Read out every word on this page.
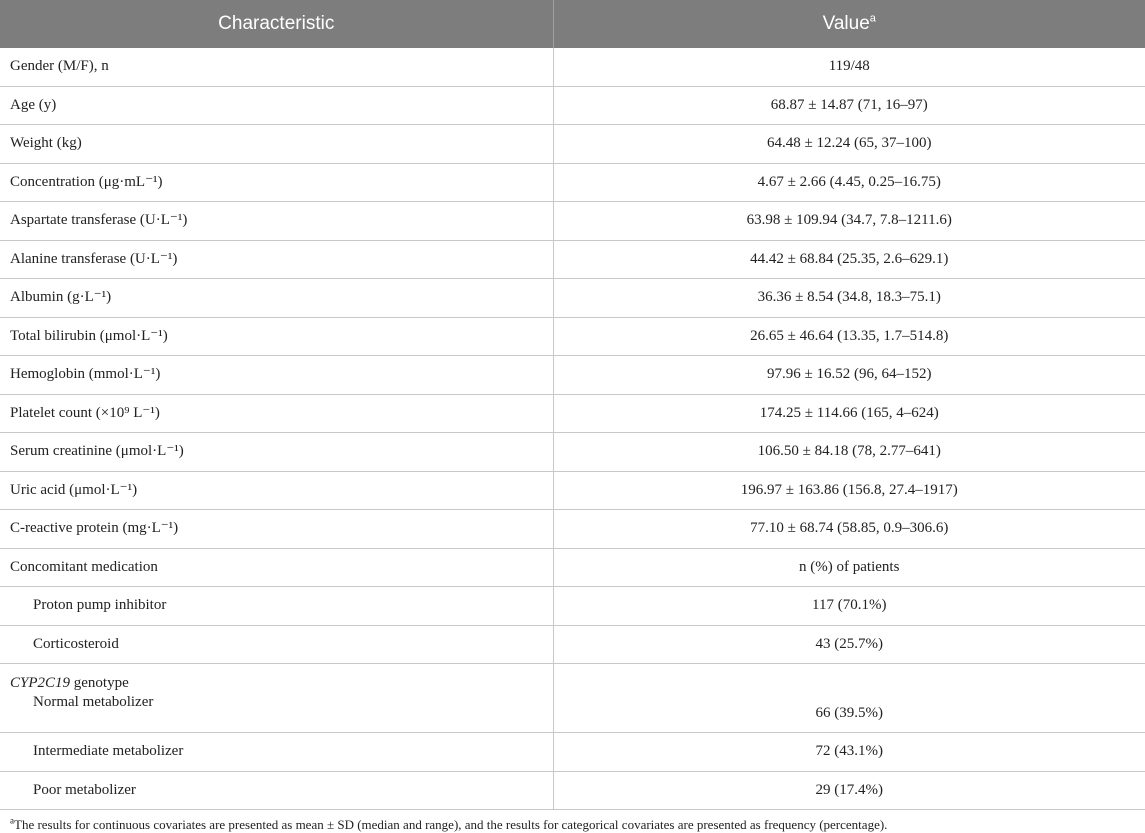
Characteristic	Value$^a$
Gender (M/F), n	119/48
Age (y)	68.87 ± 14.87 (71, 16–97)
Weight (kg)	64.48 ± 12.24 (65, 37–100)
Concentration (μg·mL⁻¹)	4.67 ± 2.66 (4.45, 0.25–16.75)
Aspartate transferase (U·L⁻¹)	63.98 ± 109.94 (34.7, 7.8–1211.6)
Alanine transferase (U·L⁻¹)	44.42 ± 68.84 (25.35, 2.6–629.1)
Albumin (g·L⁻¹)	36.36 ± 8.54 (34.8, 18.3–75.1)
Total bilirubin (μmol·L⁻¹)	26.65 ± 46.64 (13.35, 1.7–514.8)
Hemoglobin (mmol·L⁻¹)	97.96 ± 16.52 (96, 64–152)
Platelet count (×10⁹ L⁻¹)	174.25 ± 114.66 (165, 4–624)
Serum creatinine (μmol·L⁻¹)	106.50 ± 84.18 (78, 2.77–641)
Uric acid (μmol·L⁻¹)	196.97 ± 163.86 (156.8, 27.4–1917)
C-reactive protein (mg·L⁻¹)	77.10 ± 68.74 (58.85, 0.9–306.6)
Concomitant medication	n (%) of patients
Proton pump inhibitor	117 (70.1%)
Corticosteroid	43 (25.7%)
CYP2C19 genotype
Normal metabolizer	66 (39.5%)
Intermediate metabolizer	72 (43.1%)
Poor metabolizer	29 (17.4%)
$^a$The results for continuous covariates are presented as mean ± SD (median and range), and the results for categorical covariates are presented as frequency (percentage).
